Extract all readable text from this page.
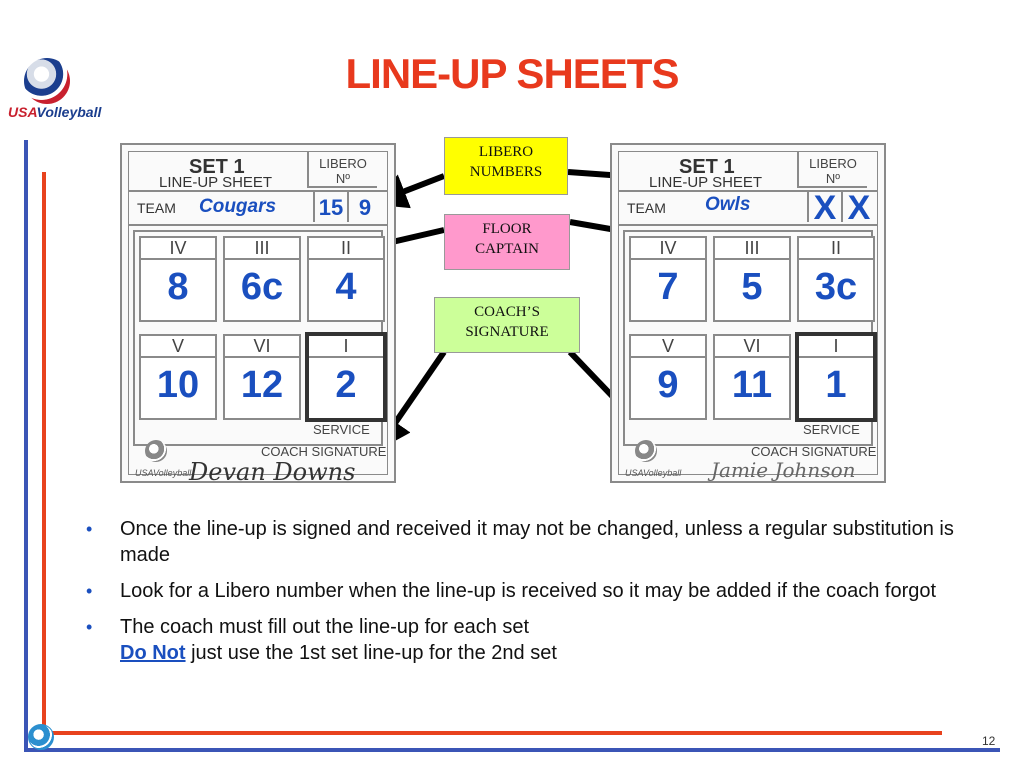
USAVolleyball
LINE-UP SHEETS
LIBERO
NUMBERS
FLOOR
CAPTAIN
COACH’S
SIGNATURE
SET 1
LINE-UP SHEET
LIBERO
Nº
TEAM Cougars 15 9
IV
8
III
6c
II
4
V
10
VI
12
I
2
SERVICE
USAVolleyball
COACH SIGNATURE
Devan Downs
SET 1
LINE-UP SHEET
LIBERO
Nº
TEAM Owls X X
IV
7
III
5
II
3c
V
9
VI
11
I
1
SERVICE
USAVolleyball
COACH SIGNATURE
Jamie Johnson
• Once the line-up is signed and received it may not be changed, unless a regular substitution is made
• Look for a Libero number when the line-up is received so it may be added if the coach forgot
• The coach must fill out the line-up for each set
Do Not just use the 1st set line-up for the 2nd set
12
